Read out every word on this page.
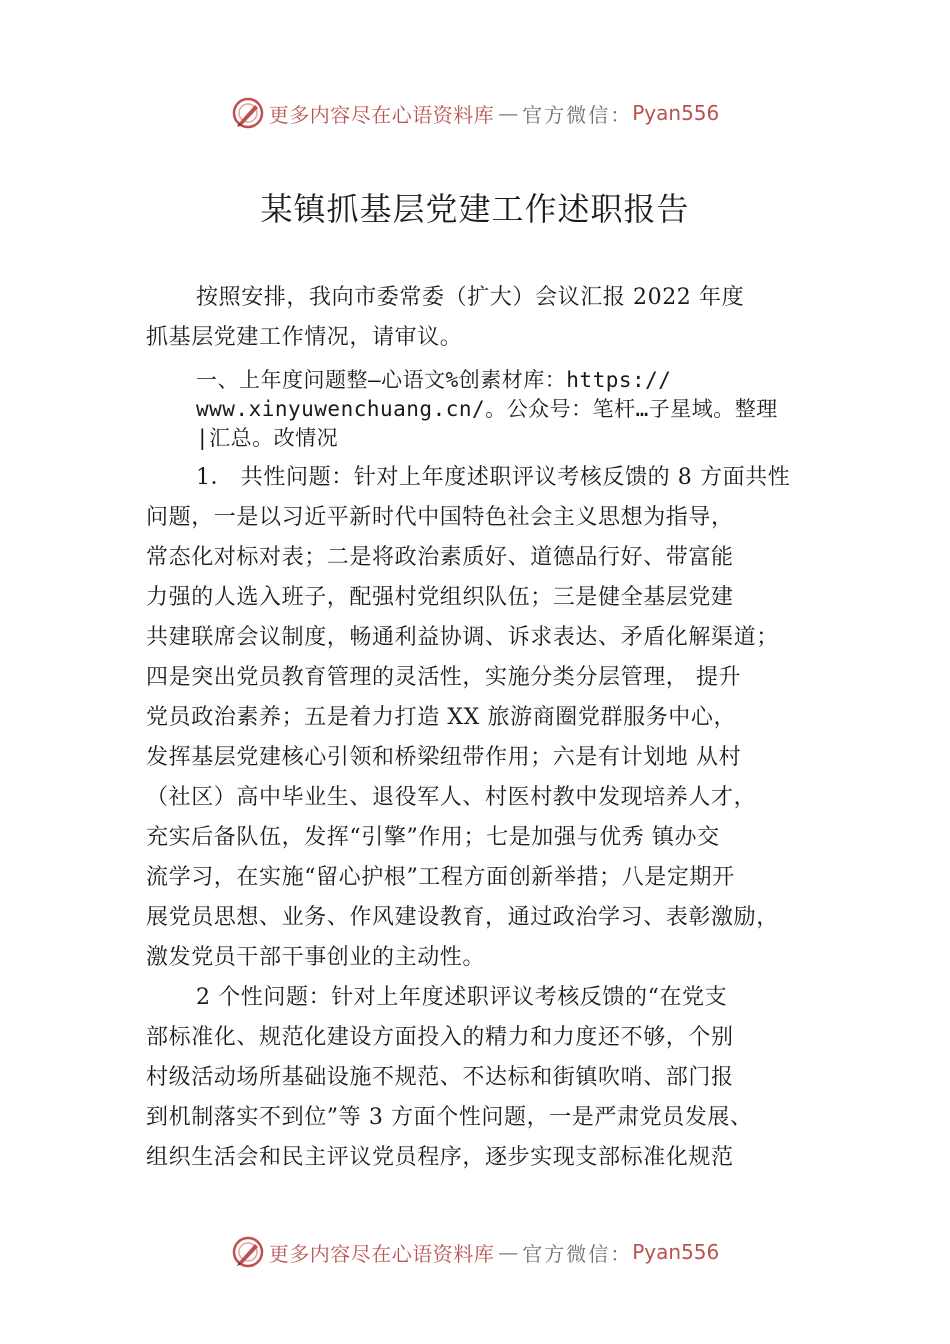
更多内容尽在心语资料库 — 官方微信： Pyan556
某镇抓基层党建工作述职报告
按照安排，我向市委常委（扩大）会议汇报 2022 年度
抓基层党建工作情况，请审议。
一、上年度问题整—心语文%创素材库：https://
www.xinyuwenchuang.cn/。公众号：笔杆…子星域。整理
|汇总。改情况
1． 共性问题：针对上年度述职评议考核反馈的 8 方面共性
问题，一是以习近平新时代中国特色社会主义思想为指导，
常态化对标对表；二是将政治素质好、道德品行好、带富能
力强的人选入班子，配强村党组织队伍；三是健全基层党建
共建联席会议制度，畅通利益协调、诉求表达、矛盾化解渠道；
四是突出党员教育管理的灵活性，实施分类分层管理， 提升
党员政治素养；五是着力打造 XX 旅游商圈党群服务中心，
发挥基层党建核心引领和桥梁纽带作用；六是有计划地 从村
（社区）高中毕业生、退役军人、村医村教中发现培养人才，
充实后备队伍，发挥“引擎”作用；七是加强与优秀 镇办交
流学习，在实施“留心护根”工程方面创新举措；八是定期开
展党员思想、业务、作风建设教育，通过政治学习、表彰激励，
激发党员干部干事创业的主动性。
2 个性问题：针对上年度述职评议考核反馈的“在党支
部标准化、规范化建设方面投入的精力和力度还不够，个别
村级活动场所基础设施不规范、不达标和街镇吹哨、部门报
到机制落实不到位”等 3 方面个性问题，一是严肃党员发展、
组织生活会和民主评议党员程序，逐步实现支部标准化规范
更多内容尽在心语资料库 — 官方微信： Pyan556
